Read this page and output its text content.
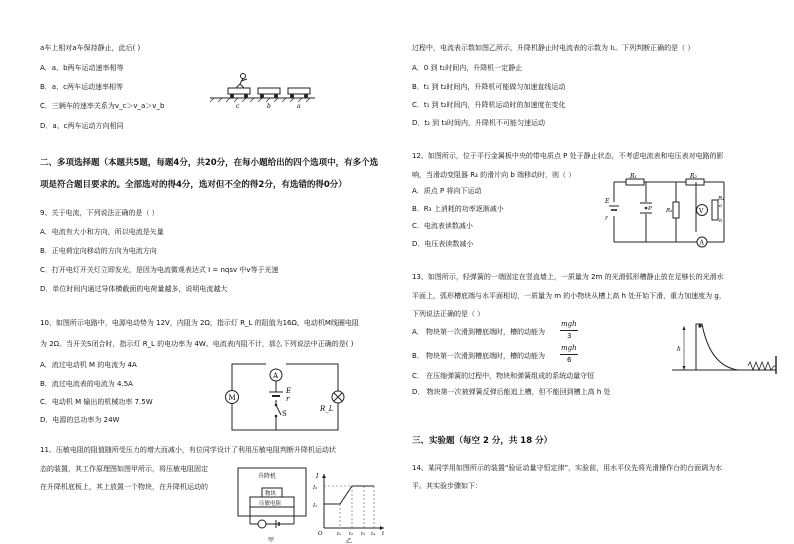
a车上相对a车保持静止，此后( )
A．a、b两车运动速率相等
B．a、c两车运动速率相等
C．三辆车的速率关系为v_c＞v_a＞v_b
D．a、c两车运动方向相同
c	b	a
二、多项选择题（本题共5题，每题4分，共20分，在每小题给出的四个选项中，有多个选
项是符合题目要求的。全部选对的得4分，选对但不全的得2分，有选错的得0分）
9、关于电流，下列说法正确的是（ ）
A．电流有大小和方向，所以电流是矢量
B．正电荷定向移动的方向为电流方向
C．打开电灯开关灯立即发光，是因为电流微观表达式 I = nqsv 中v等于光速
D．单位时间内通过导体横截面的电荷量越多，说明电流越大
10、如图所示电路中，电源电动势为 12V，内阻为 2Ω，指示灯 R_L 的阻值为16Ω，电动机M线圈电阻
为 2Ω。当开关S闭合时，指示灯 R_L 的电功率为 4W。电流表内阻不计，那么下列说法中正确的是( )
A．流过电动机 M 的电流为 4A
B．流过电流表的电流为 4.5A
C．电动机 M 输出的机械功率 7.5W
D．电源的总功率为 24W
A
M
E
r
S
R_L
11、压敏电阻的阻值随所受压力的增大而减小，有位同学设计了利用压敏电阻判断升降机运动状
态的装置，其工作原理图如图甲所示，将压敏电阻固定
在升降机底板上，其上放置一个物块，在升降机运动的
升降机
物块
压敏电阻
甲
I
I₂
I₁
O	t₁ t₂ t₃ t₄ t
乙
过程中，电流表示数如图乙所示，升降机静止时电流表的示数为 I₁。下列判断正确的是（ ）
A．0 到 t₁时间内，升降机一定静止
B．t₁ 到 t₂时间内，升降机可能做匀加速直线运动
C．t₁ 到 t₂时间内，升降机运动时的加速度在变化
D．t₂ 到 t₃时间内，升降机不可能匀速运动
12、如图所示，位于平行金属板中央的带电质点 P 处于静止状态，不考虑电流表和电压表对电路的影
响，当滑动变阻器 R₄ 的滑片向 b 端移动时，则（ ）
A．质点 P 将向下运动
B．R₃ 上消耗的功率逐渐减小
C．电流表读数减小
D．电压表读数减小
R₁	R₂
E
r
P	R₃	V
R₄
a
b
A
13、如图所示，轻弹簧的一端固定在竖直墙上，一质量为 2m 的光滑弧形槽静止放在足够长的光滑水
平面上，弧形槽底端与水平面相切，一质量为 m 的小物块从槽上高 h 处开始下滑，重力加速度为 g，
下列说法正确的是（ ）
A． 物块第一次滑到槽底端时，槽的动能为
mgh
3
B． 物块第一次滑到槽底端时，槽的动能为
mgh
6
C． 在压缩弹簧的过程中，物块和弹簧组成的系统动量守恒
D． 物块第一次被弹簧反弹后能追上槽，但不能回到槽上高 h 处
h
三、实验题（每空 2 分，共 18 分）
14、某同学用如图所示的装置“验证动量守恒定律”，实验前，用水平仪先将光滑操作台的台面调为水
平。其实验步骤如下：
